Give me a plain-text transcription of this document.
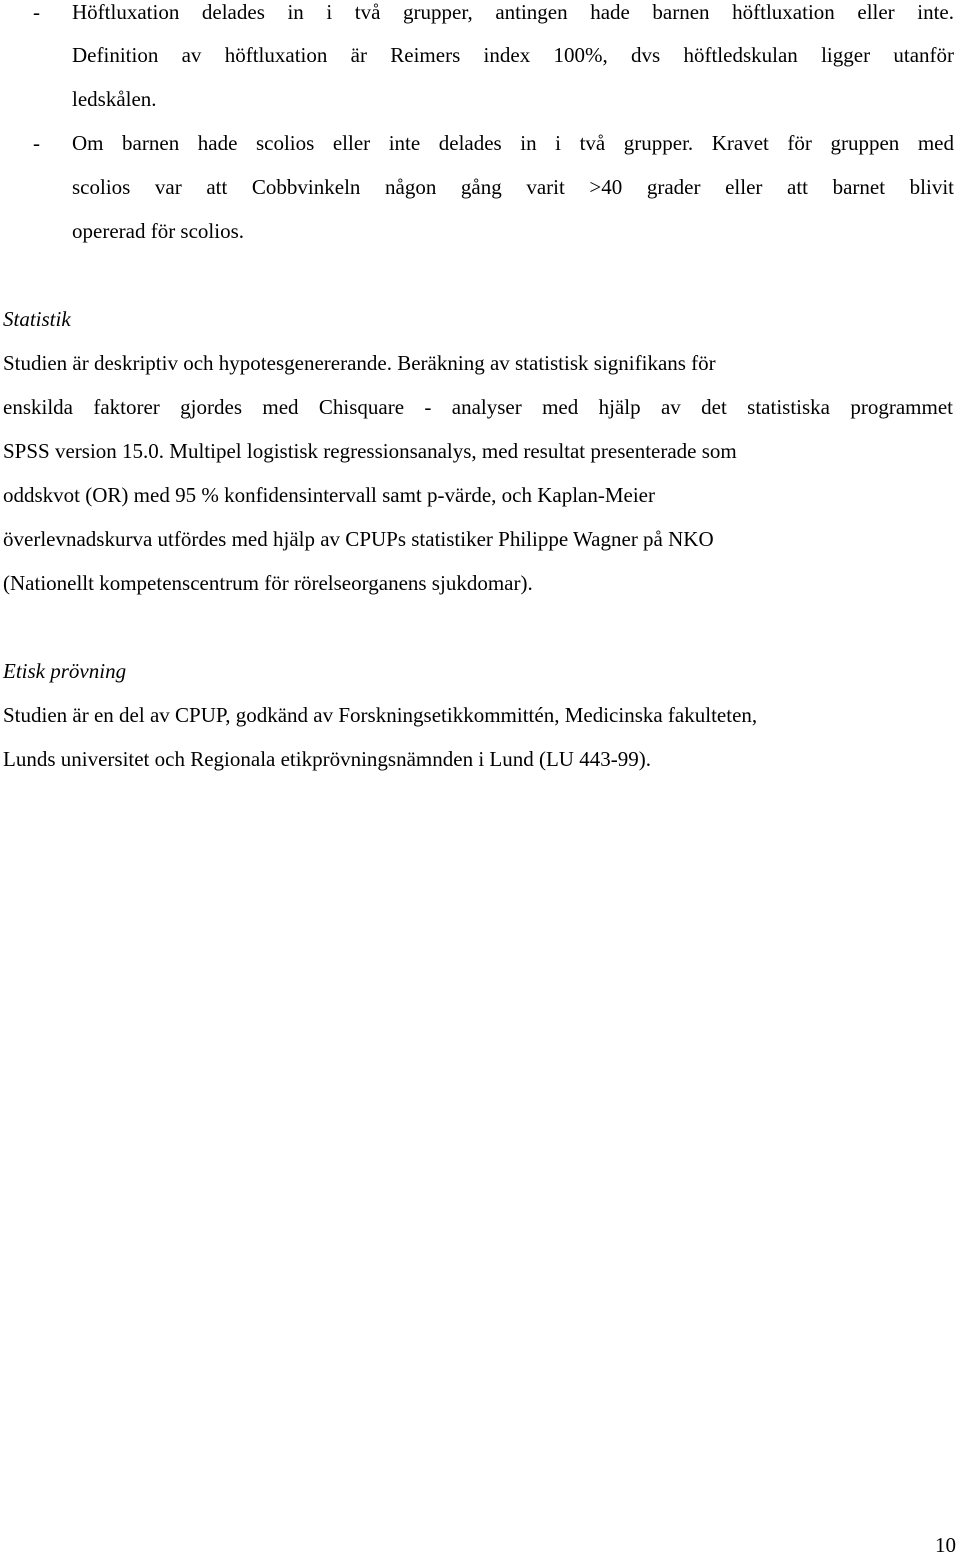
- Höftluxation delades in i två grupper, antingen hade barnen höftluxation eller inte.
Definition av höftluxation är Reimers index 100%, dvs höftledskulan ligger utanför
ledskålen.
- Om barnen hade scolios eller inte delades in i två grupper. Kravet för gruppen med
scolios var att Cobbvinkeln någon gång varit >40 grader eller att barnet blivit
opererad för scolios.
Statistik
Studien är deskriptiv och hypotesgenererande. Beräkning av statistisk signifikans för
enskilda faktorer gjordes med Chisquare - analyser med hjälp av det statistiska programmet
SPSS version 15.0. Multipel logistisk regressionsanalys, med resultat presenterade som
oddskvot (OR) med 95 % konfidensintervall samt p-värde, och Kaplan-Meier
överlevnadskurva utfördes med hjälp av CPUPs statistiker Philippe Wagner på NKO
(Nationellt kompetenscentrum för rörelseorganens sjukdomar).
Etisk prövning
Studien är en del av CPUP, godkänd av Forskningsetikkommittén, Medicinska fakulteten,
Lunds universitet och Regionala etikprövningsnämnden i Lund (LU 443-99).
10
